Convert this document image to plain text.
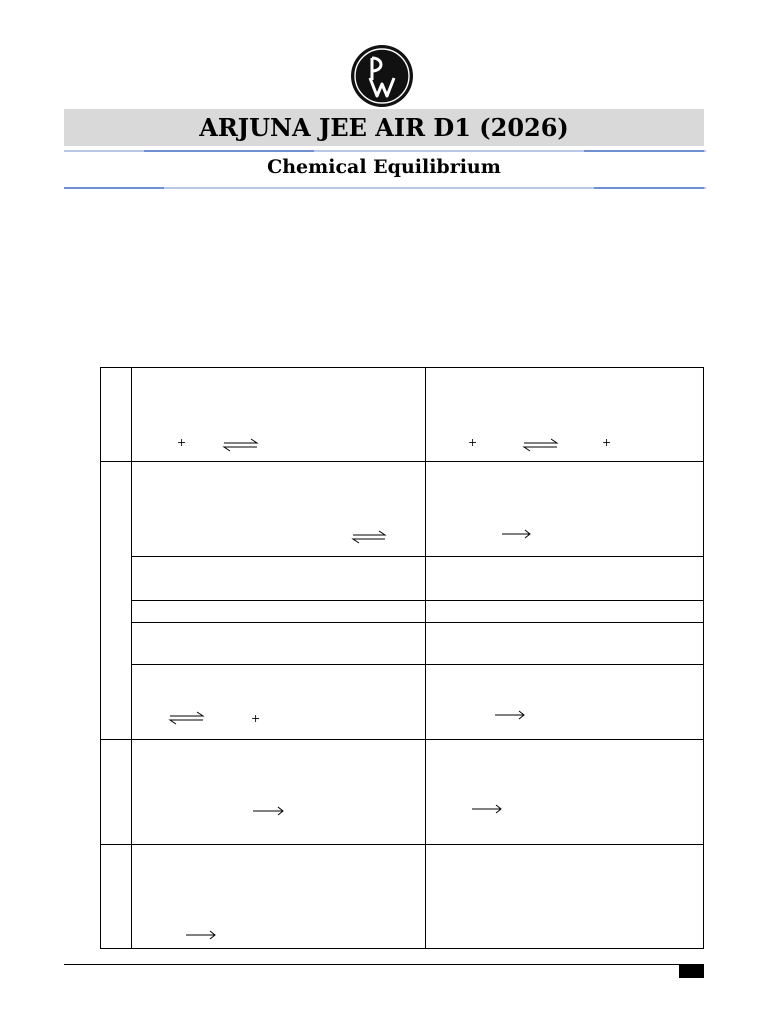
ARJUNA JEE AIR D1 (2026)
Chemical Equilibrium
+	+	+
+
